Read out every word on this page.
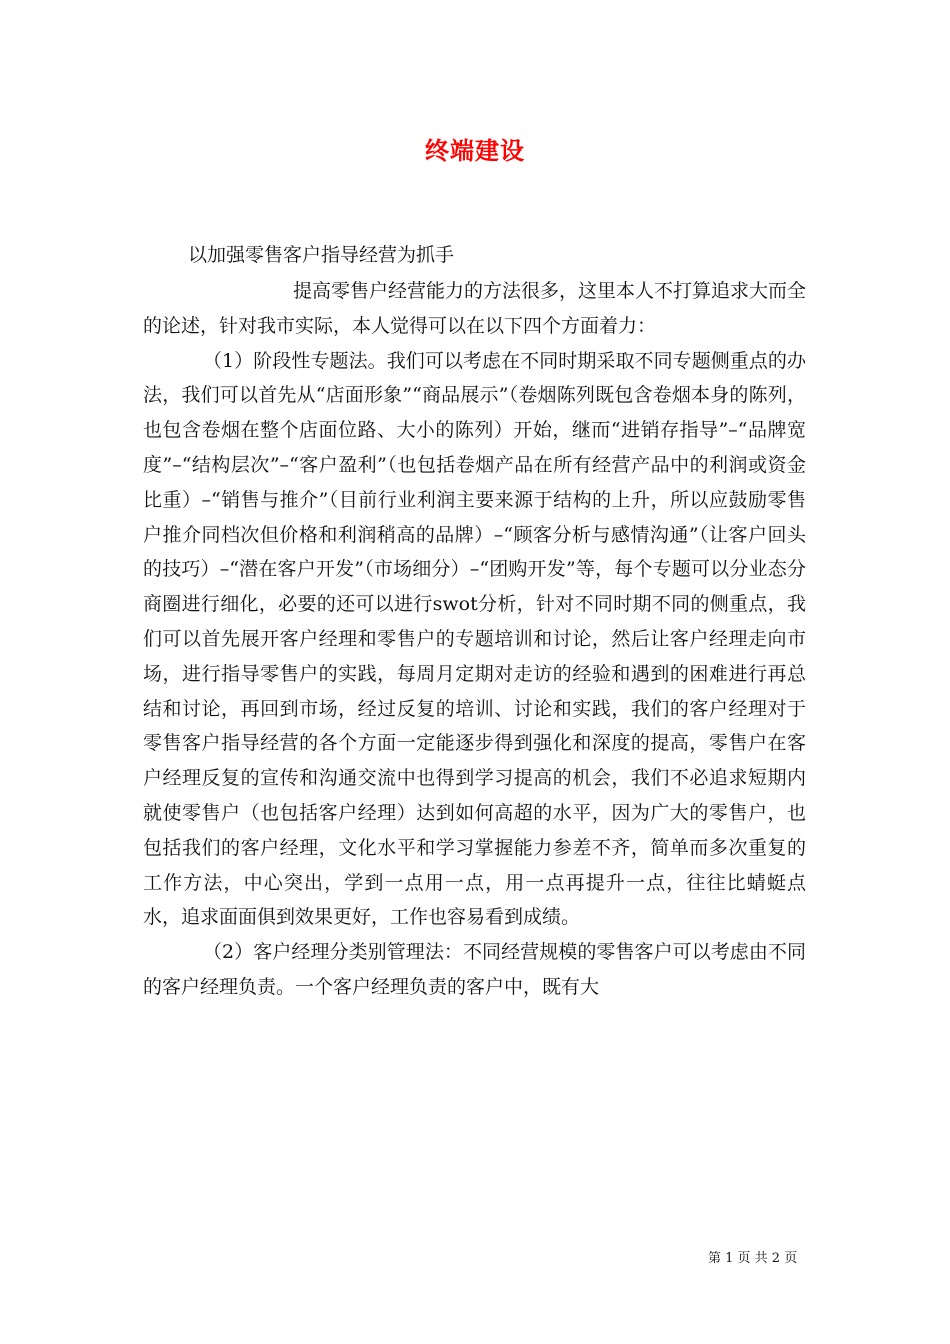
终端建设
以加强零售客户指导经营为抓手

提高零售户经营能力的方法很多，这里本人不打算追求大而全的论述，针对我市实际，本人觉得可以在以下四个方面着力：

（1）阶段性专题法。我们可以考虑在不同时期采取不同专题侧重点的办法，我们可以首先从“店面形象”“商品展示”（卷烟陈列既包含卷烟本身的陈列，也包含卷烟在整个店面位路、大小的陈列）开始，继而“进销存指导”–“品牌宽度”–“结构层次”–“客户盈利”（也包括卷烟产品在所有经营产品中的利润或资金比重）–“销售与推介”（目前行业利润主要来源于结构的上升，所以应鼓励零售户推介同档次但价格和利润稍高的品牌）–“顾客分析与感情沟通”（让客户回头的技巧）–“潜在客户开发”（市场细分）–“团购开发”等，每个专题可以分业态分商圈进行细化，必要的还可以进行swot分析，针对不同时期不同的侧重点，我们可以首先展开客户经理和零售户的专题培训和讨论，然后让客户经理走向市场，进行指导零售户的实践，每周月定期对走访的经验和遇到的困难进行再总结和讨论，再回到市场，经过反复的培训、讨论和实践，我们的客户经理对于零售客户指导经营的各个方面一定能逐步得到强化和深度的提高，零售户在客户经理反复的宣传和沟通交流中也得到学习提高的机会，我们不必追求短期内就使零售户（也包括客户经理）达到如何高超的水平，因为广大的零售户，也包括我们的客户经理，文化水平和学习掌握能力参差不齐，简单而多次重复的工作方法，中心突出，学到一点用一点，用一点再提升一点，往往比蜻蜓点水，追求面面俱到效果更好，工作也容易看到成绩。

（2）客户经理分类别管理法：不同经营规模的零售客户可以考虑由不同的客户经理负责。一个客户经理负责的客户中，既有大

第 1 页 共 2 页
